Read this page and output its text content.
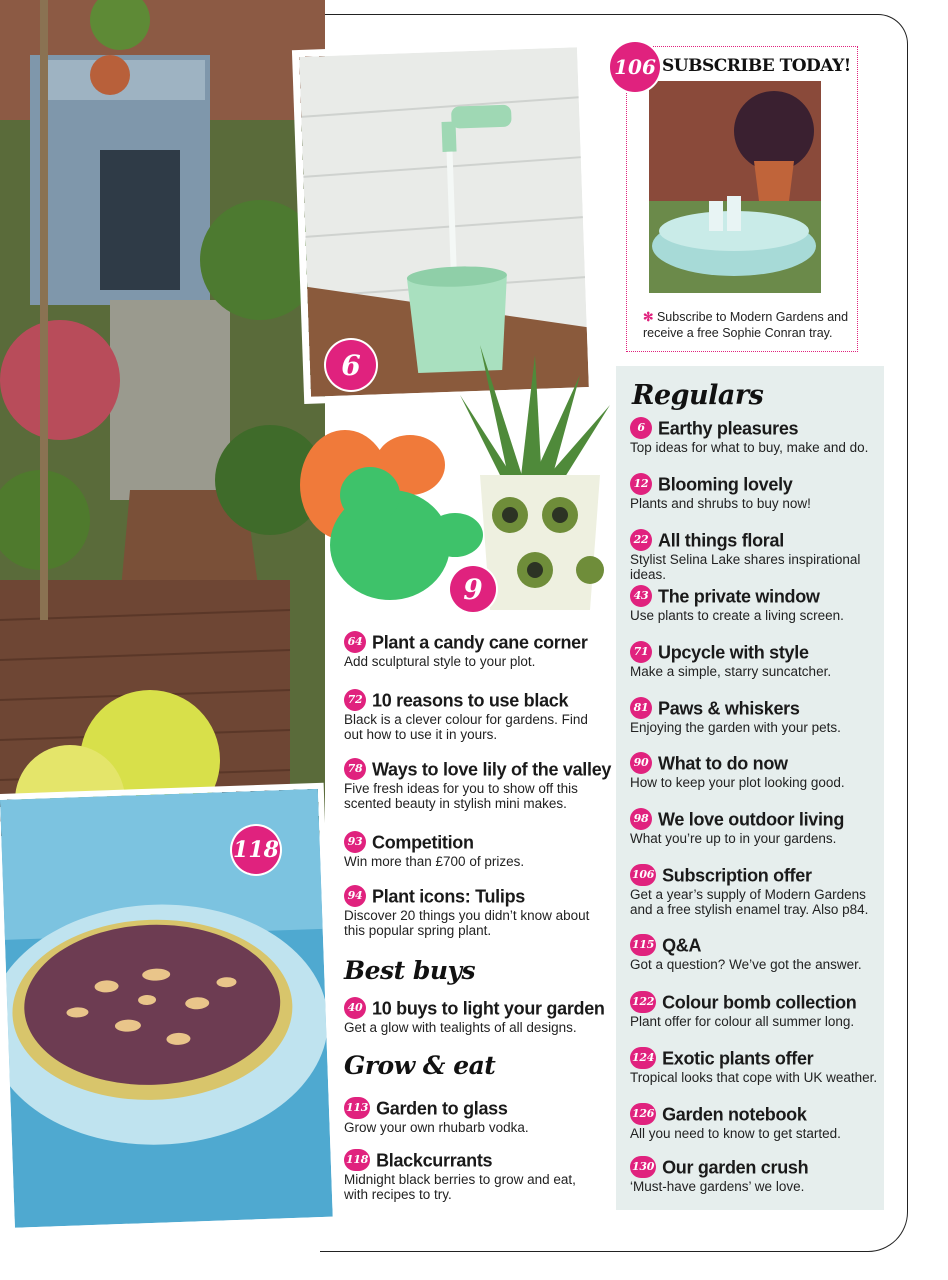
118
6
9
✻ Subscribe to Modern Gardens and receive a free Sophie Conran tray.
106 SUBSCRIBE TODAY!
64 Plant a candy cane corner
Add sculptural style to your plot.
72 10 reasons to use black
Black is a clever colour for gardens. Find out how to use it in yours.
78 Ways to love lily of the valley
Five fresh ideas for you to show off this scented beauty in stylish mini makes.
93 Competition
Win more than £700 of prizes.
94 Plant icons: Tulips
Discover 20 things you didn’t know about this popular spring plant.
Best buys
40 10 buys to light your garden
Get a glow with tealights of all designs.
Grow & eat
113 Garden to glass
Grow your own rhubarb vodka.
118 Blackcurrants
Midnight black berries to grow and eat, with recipes to try.
Regulars
6 Earthy pleasures
Top ideas for what to buy, make and do.
12 Blooming lovely
Plants and shrubs to buy now!
22 All things floral
Stylist Selina Lake shares inspirational ideas.
43 The private window
Use plants to create a living screen.
71 Upcycle with style
Make a simple, starry suncatcher.
81 Paws & whiskers
Enjoying the garden with your pets.
90 What to do now
How to keep your plot looking good.
98 We love outdoor living
What you’re up to in your gardens.
106 Subscription offer
Get a year’s supply of Modern Gardens and a free stylish enamel tray. Also p84.
115 Q&A
Got a question? We’ve got the answer.
122 Colour bomb collection
Plant offer for colour all summer long.
124 Exotic plants offer
Tropical looks that cope with UK weather.
126 Garden notebook
All you need to know to get started.
130 Our garden crush
‘Must-have gardens’ we love.
